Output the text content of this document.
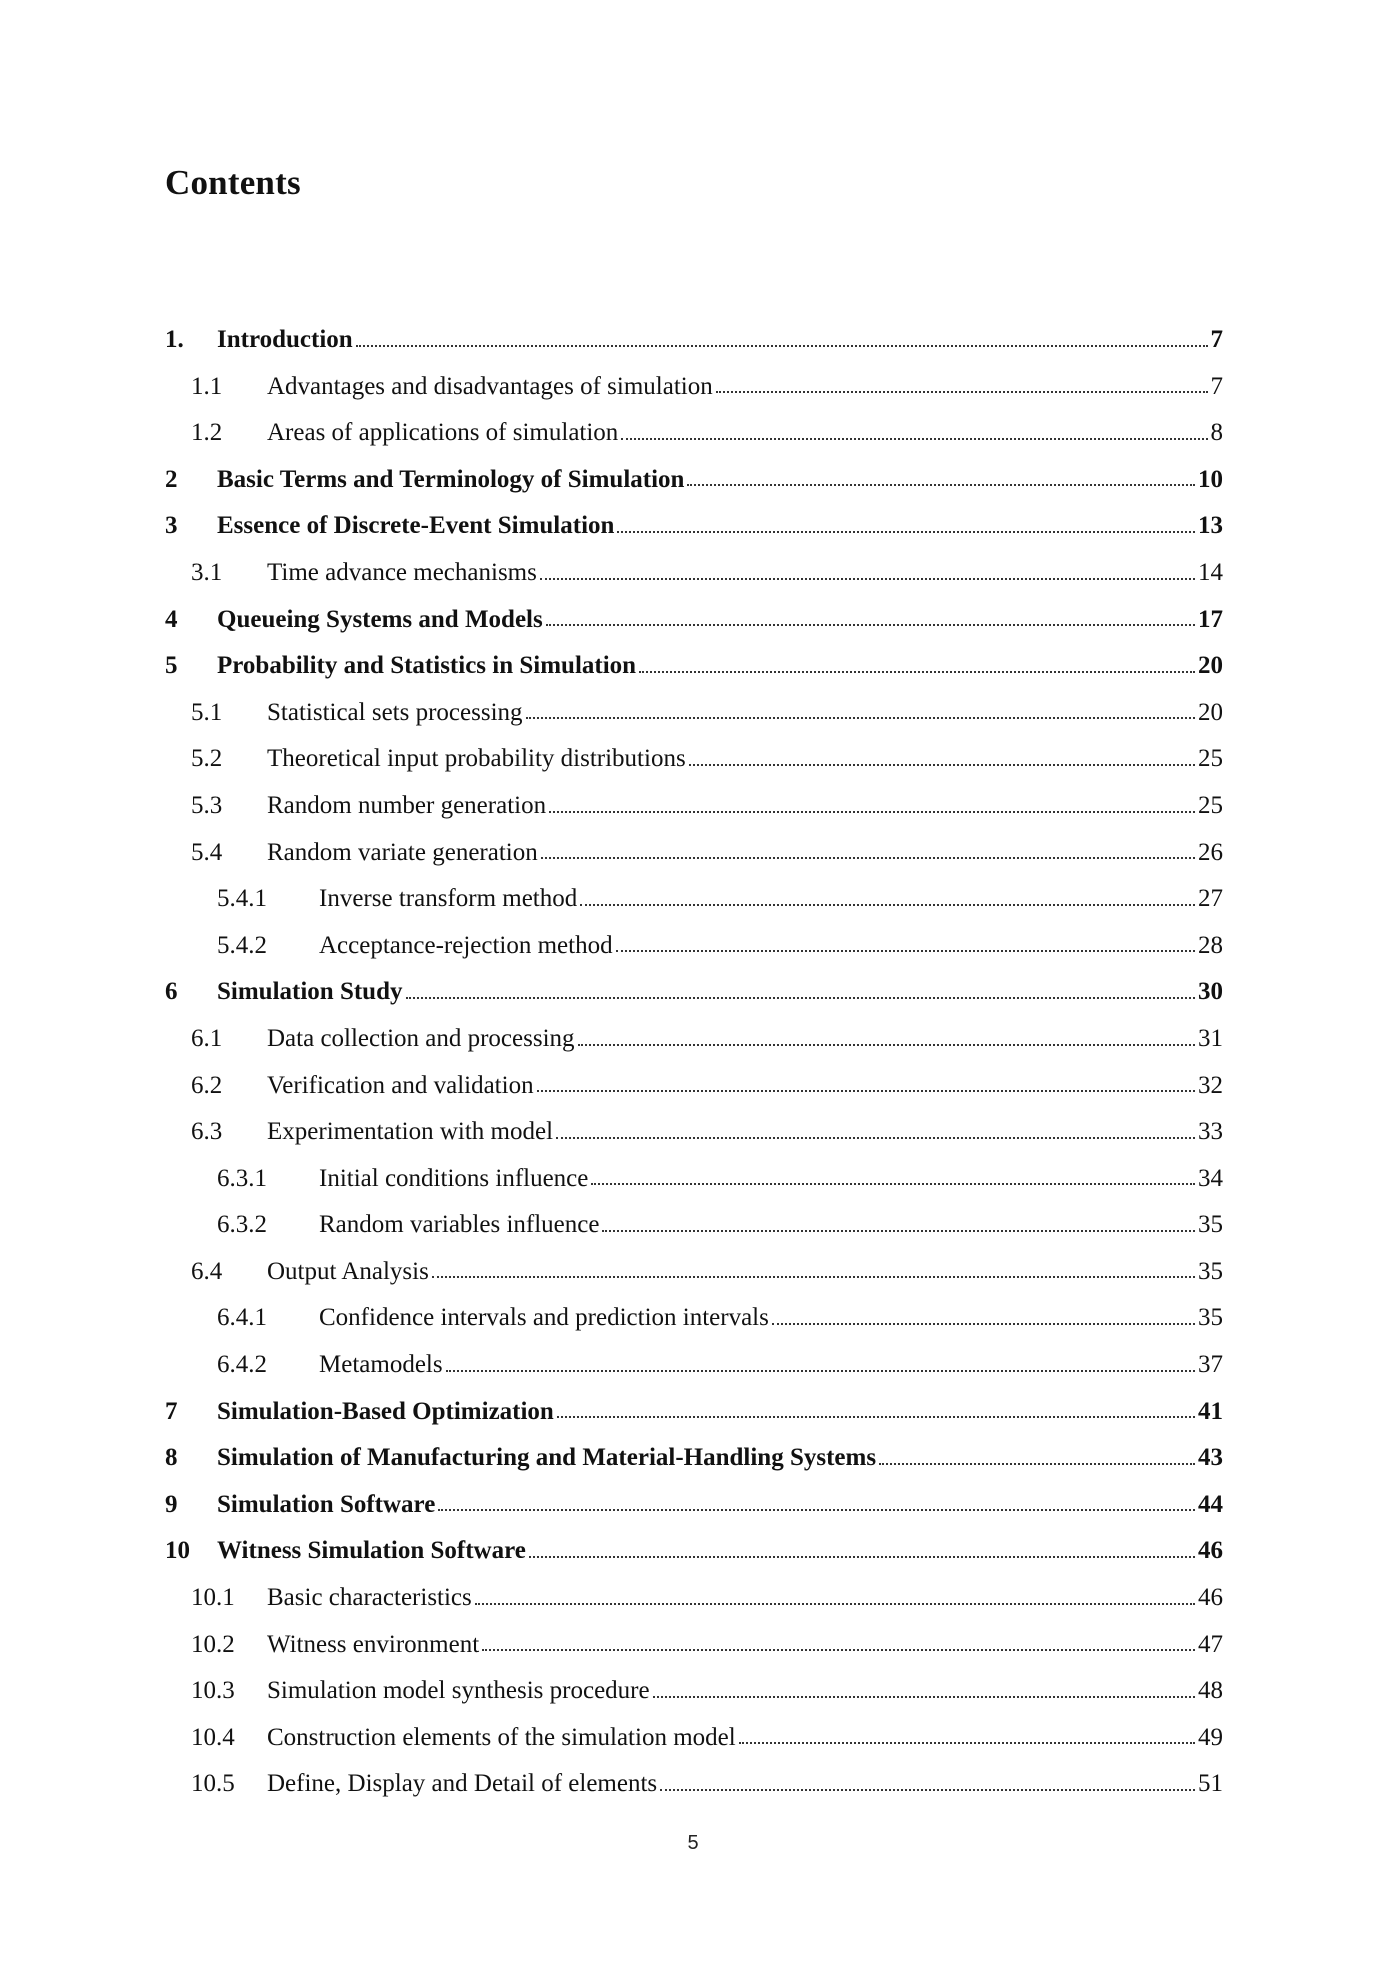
Contents
1.	Introduction	7
1.1	Advantages and disadvantages of simulation	7
1.2	Areas of applications of simulation	8
2	Basic Terms and Terminology of Simulation	10
3	Essence of Discrete-Event Simulation	13
3.1	Time advance mechanisms	14
4	Queueing Systems and Models	17
5	Probability and Statistics in Simulation	20
5.1	Statistical sets processing	20
5.2	Theoretical input probability distributions	25
5.3	Random number generation	25
5.4	Random variate generation	26
5.4.1	Inverse transform method	27
5.4.2	Acceptance-rejection method	28
6	Simulation Study	30
6.1	Data collection and processing	31
6.2	Verification and validation	32
6.3	Experimentation with model	33
6.3.1	Initial conditions influence	34
6.3.2	Random variables influence	35
6.4	Output Analysis	35
6.4.1	Confidence intervals and prediction intervals	35
6.4.2	Metamodels	37
7	Simulation-Based Optimization	41
8	Simulation of Manufacturing and Material-Handling Systems	43
9	Simulation Software	44
10	Witness Simulation Software	46
10.1	Basic characteristics	46
10.2	Witness environment	47
10.3	Simulation model synthesis procedure	48
10.4	Construction elements of the simulation model	49
10.5	Define, Display and Detail of elements	51
5
